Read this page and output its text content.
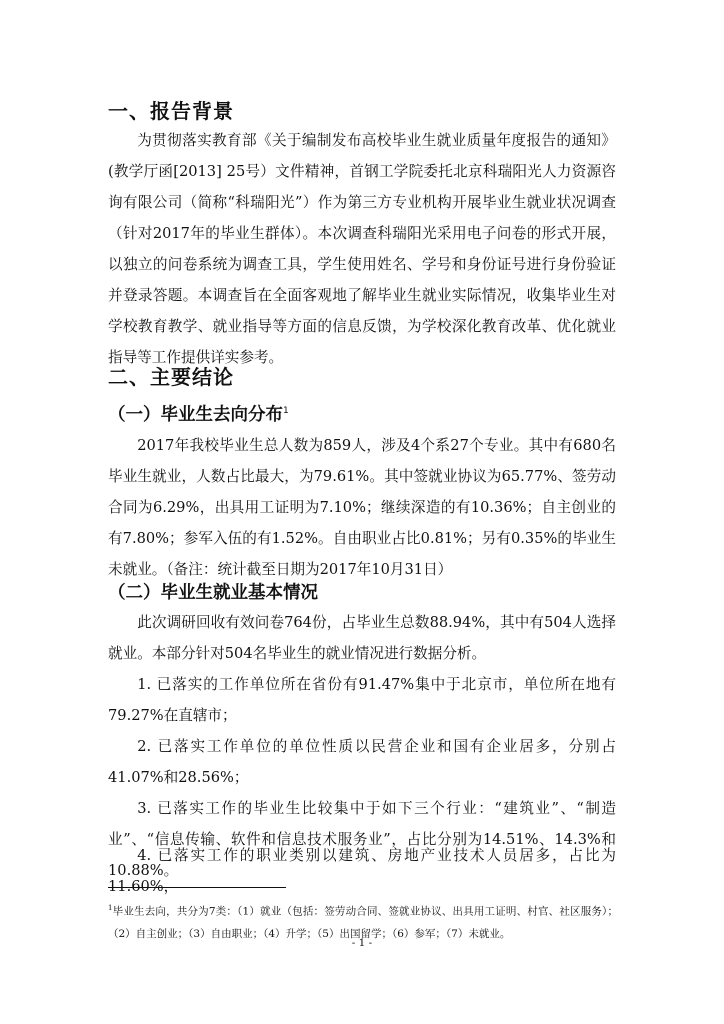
一、报告背景

为贯彻落实教育部《关于编制发布高校毕业生就业质量年度报告的通知》(教学厅函[2013] 25号）文件精神，首钢工学院委托北京科瑞阳光人力资源咨询有限公司（简称“科瑞阳光”）作为第三方专业机构开展毕业生就业状况调查（针对2017年的毕业生群体）。本次调查科瑞阳光采用电子问卷的形式开展，以独立的问卷系统为调查工具，学生使用姓名、学号和身份证号进行身份验证并登录答题。本调查旨在全面客观地了解毕业生就业实际情况，收集毕业生对学校教育教学、就业指导等方面的信息反馈，为学校深化教育改革、优化就业指导等工作提供详实参考。

二、主要结论
（一）毕业生去向分布$^1$

2017年我校毕业生总人数为859人，涉及4个系27个专业。其中有680名毕业生就业，人数占比最大，为79.61%。其中签就业协议为65.77%、签劳动合同为6.29%，出具用工证明为7.10%；继续深造的有10.36%；自主创业的有7.80%；参军入伍的有1.52%。自由职业占比0.81%；另有0.35%的毕业生未就业。（备注：统计截至日期为2017年10月31日）

（二）毕业生就业基本情况

此次调研回收有效问卷764份，占毕业生总数88.94%，其中有504人选择就业。本部分针对504名毕业生的就业情况进行数据分析。

1. 已落实的工作单位所在省份有91.47%集中于北京市，单位所在地有79.27%在直辖市；

2. 已落实工作单位的单位性质以民营企业和国有企业居多，分别占41.07%和28.56%；

3. 已落实工作的毕业生比较集中于如下三个行业：“建筑业”、“制造业”、“信息传输、软件和信息技术服务业”，占比分别为14.51%、14.3%和10.88%。

4. 已落实工作的职业类别以建筑、房地产业技术人员居多，占比为11.60%，

$^1$毕业生去向，共分为7类：（1）就业（包括：签劳动合同、签就业协议、出具用工证明、村官、社区服务）；（2）自主创业；（3）自由职业；（4）升学；（5）出国留学；（6）参军；（7）未就业。

- 1 -
